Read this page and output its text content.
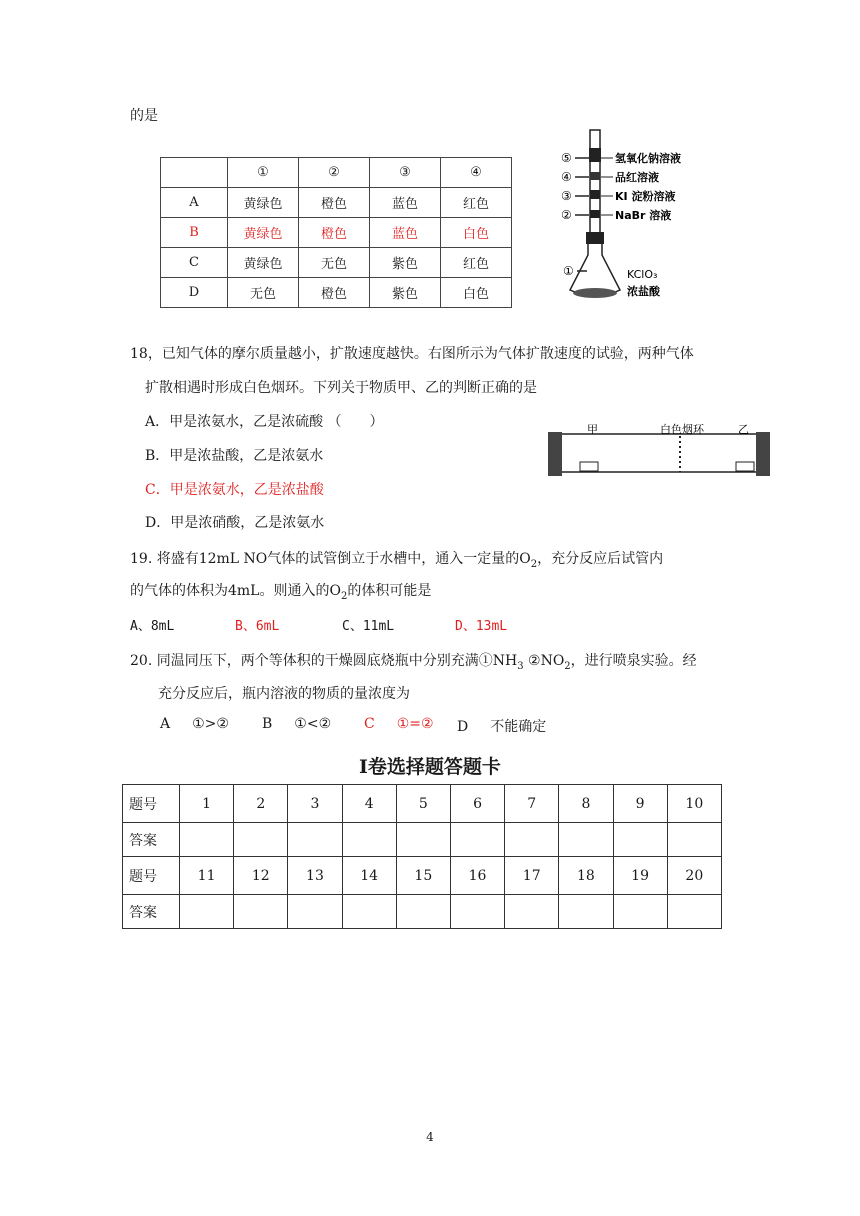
的是
	①	②	③	④
A	黄绿色	橙色	蓝色	红色
B	黄绿色	橙色	蓝色	白色
C	黄绿色	无色	紫色	红色
D	无色	橙色	紫色	白色
⑤	氢氧化钠溶液
④	品红溶液
③	KI 淀粉溶液
②	NaBr 溶液
①	KClO₃
浓盐酸
18，已知气体的摩尔质量越小，扩散速度越快。右图所示为气体扩散速度的试验，两种气体
扩散相遇时形成白色烟环。下列关于物质甲、乙的判断正确的是
A．甲是浓氨水，乙是浓硫酸 （　　）
B．甲是浓盐酸，乙是浓氨水
C．甲是浓氨水，乙是浓盐酸
D．甲是浓硝酸，乙是浓氨水
甲	白色烟环	乙
19. 将盛有12mL NO气体的试管倒立于水槽中，通入一定量的$O_2$，充分反应后试管内
的气体的体积为4mL。则通入的$O_2$的体积可能是
A、8mL	B、6mL	C、11mL	D、13mL
20. 同温同压下，两个等体积的干燥圆底烧瓶中分别充满$①NH_3$ $②NO_2$，进行喷泉实验。经
充分反应后，瓶内溶液的物质的量浓度为
A ①>② B ①<② C ①=② D 不能确定
Ⅰ卷选择题答题卡
题号	1	2	3	4	5	6	7	8	9	10
答案										
题号	11	12	13	14	15	16	17	18	19	20
答案										
4
